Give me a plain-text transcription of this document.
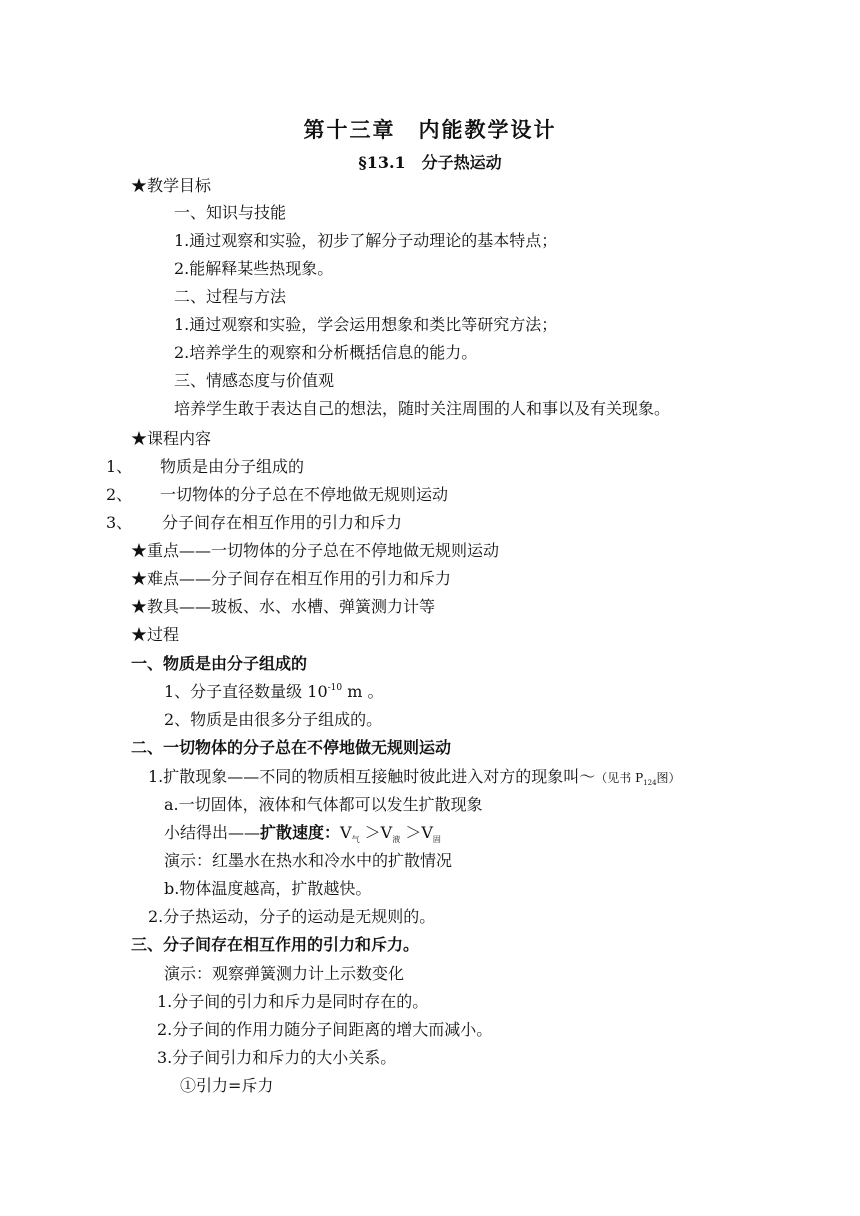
第十三章　内能教学设计
§13.1　分子热运动
★教学目标
一、知识与技能
1.通过观察和实验，初步了解分子动理论的基本特点；
2.能解释某些热现象。
二、过程与方法
1.通过观察和实验，学会运用想象和类比等研究方法；
2.培养学生的观察和分析概括信息的能力。
三、情感态度与价值观
培养学生敢于表达自己的想法，随时关注周围的人和事以及有关现象。
★课程内容
1、 物质是由分子组成的
2、 一切物体的分子总在不停地做无规则运动
3、 分子间存在相互作用的引力和斥力
★重点——一切物体的分子总在不停地做无规则运动
★难点——分子间存在相互作用的引力和斥力
★教具——玻板、水、水槽、弹簧测力计等
★过程
一、物质是由分子组成的
1、分子直径数量级 $10^{-10}$ m 。
2、物质是由很多分子组成的。
二、一切物体的分子总在不停地做无规则运动
1.扩散现象——不同的物质相互接触时彼此进入对方的现象叫～（见书 $P_{124}$图）
a.一切固体，液体和气体都可以发生扩散现象
小结得出——扩散速度：$V_气 >V_液 >V_固$
演示：红墨水在热水和冷水中的扩散情况
b.物体温度越高，扩散越快。
2.分子热运动，分子的运动是无规则的。
三、分子间存在相互作用的引力和斥力。
演示：观察弹簧测力计上示数变化
1.分子间的引力和斥力是同时存在的。
2.分子间的作用力随分子间距离的增大而减小。
3.分子间引力和斥力的大小关系。
①引力=斥力
